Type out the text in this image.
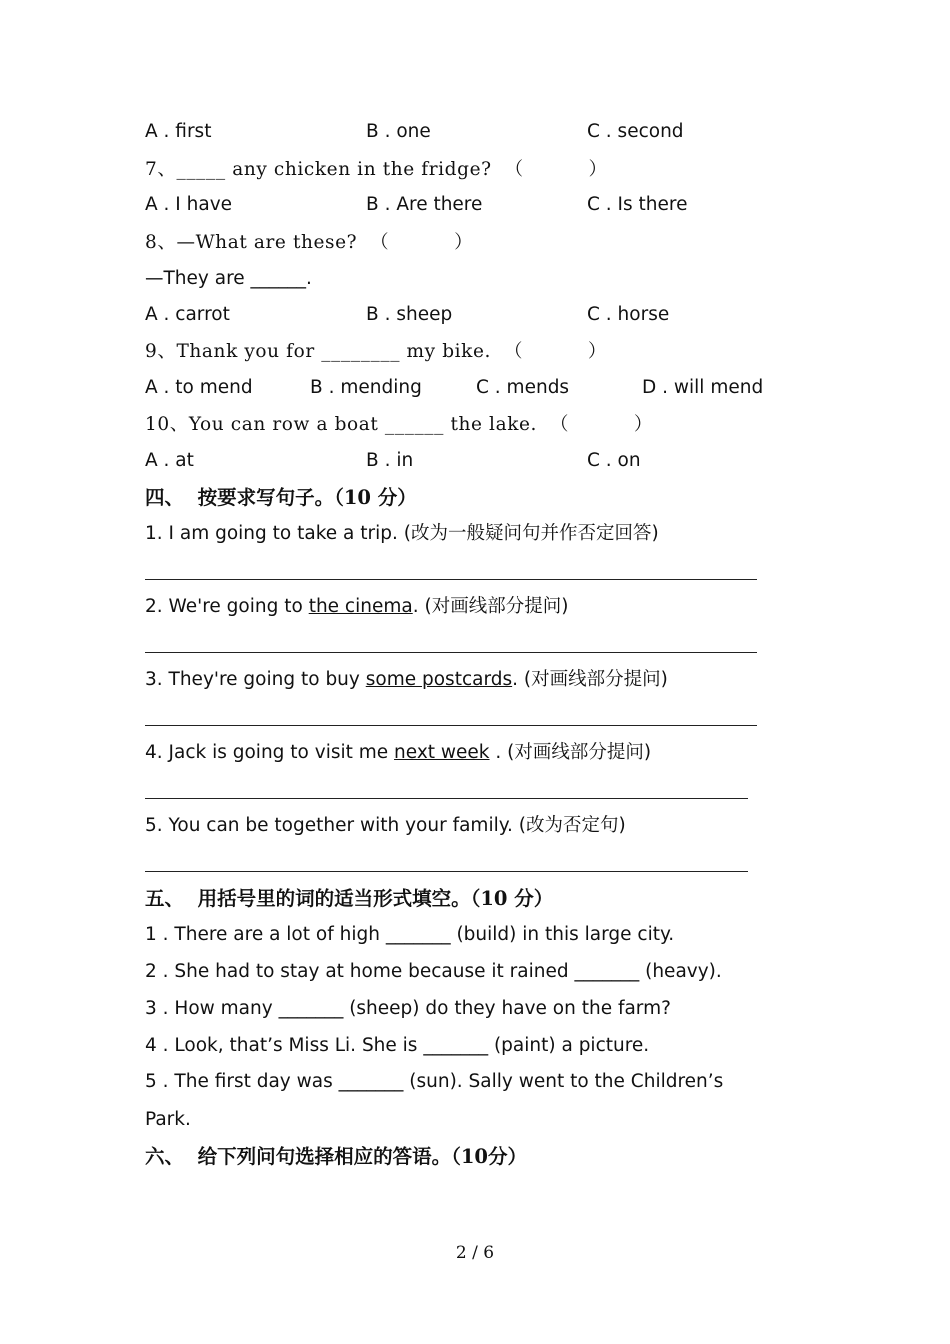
A . first	B . one	C . second
7、_____ any chicken in the fridge?  （          ）
A . I have	B . Are there	C . Is there
8、—What are these?  （          ）
—They are ______.
A . carrot	B . sheep	C . horse
9、Thank you for ________ my bike.  （          ）
A . to mend	B . mending	C . mends	D . will mend
10、You can row a boat ______ the lake.  （          ）
A . at	B . in	C . on
四、  按要求写句子。（10 分）
1. I am going to take a trip. (改为一般疑问句并作否定回答)
2. We're going to the cinema. (对画线部分提问)
3. They're going to buy some postcards. (对画线部分提问)
4. Jack is going to visit me next week . (对画线部分提问)
5. You can be together with your family. (改为否定句)
五、  用括号里的词的适当形式填空。（10 分）
1 . There are a lot of high _______ (build) in this large city.
2 . She had to stay at home because it rained _______ (heavy).
3 . How many _______ (sheep) do they have on the farm?
4 . Look, that’s Miss Li. She is _______ (paint) a picture.
5 . The first day was _______ (sun). Sally went to the Children’s
Park.
六、  给下列问句选择相应的答语。（10分）
2 / 6
